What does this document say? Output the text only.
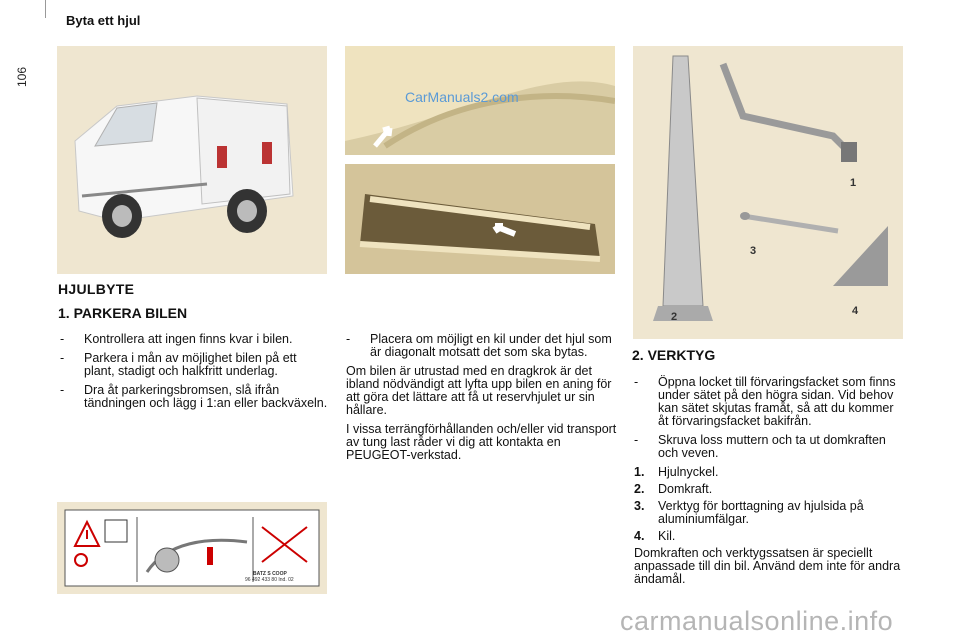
106
Byta ett hjul
CarManuals2.com
1
2
3
4
HJULBYTE
1. PARKERA BILEN
-	Kontrollera att ingen finns kvar i bilen.
-	Parkera i mån av möjlighet bilen på ett plant, stadigt och halkfritt underlag.
-	Dra åt parkeringsbromsen, slå ifrån tändningen och lägg i 1:an eller backväxeln.
-	Placera om möjligt en kil under det hjul som är diagonalt motsatt det som ska bytas.
Om bilen är utrustad med en dragkrok är det ibland nödvändigt att lyfta upp bilen en aning för att göra det lättare att få ut reservhjulet ur sin hållare.
I vissa terrängförhållanden och/eller vid transport av tung last råder vi dig att kontakta en PEUGEOT-verkstad.
2. VERKTYG
-	Öppna locket till förvaringsfacket som finns under sätet på den högra sidan. Vid behov kan sätet skjutas framåt, så att du kommer åt förvaringsfacket bakifrån.
-	Skruva loss muttern och ta ut domkraften och veven.
1.	Hjulnyckel.
2.	Domkraft.
3.	Verktyg för borttagning av hjulsida på aluminiumfälgar.
4.	Kil.
Domkraften och verktygssatsen är speciellt anpassade till din bil. Använd dem inte för andra ändamål.
BATZ S COOP
96 492 433 80 Ind. 02
carmanualsonline.info
